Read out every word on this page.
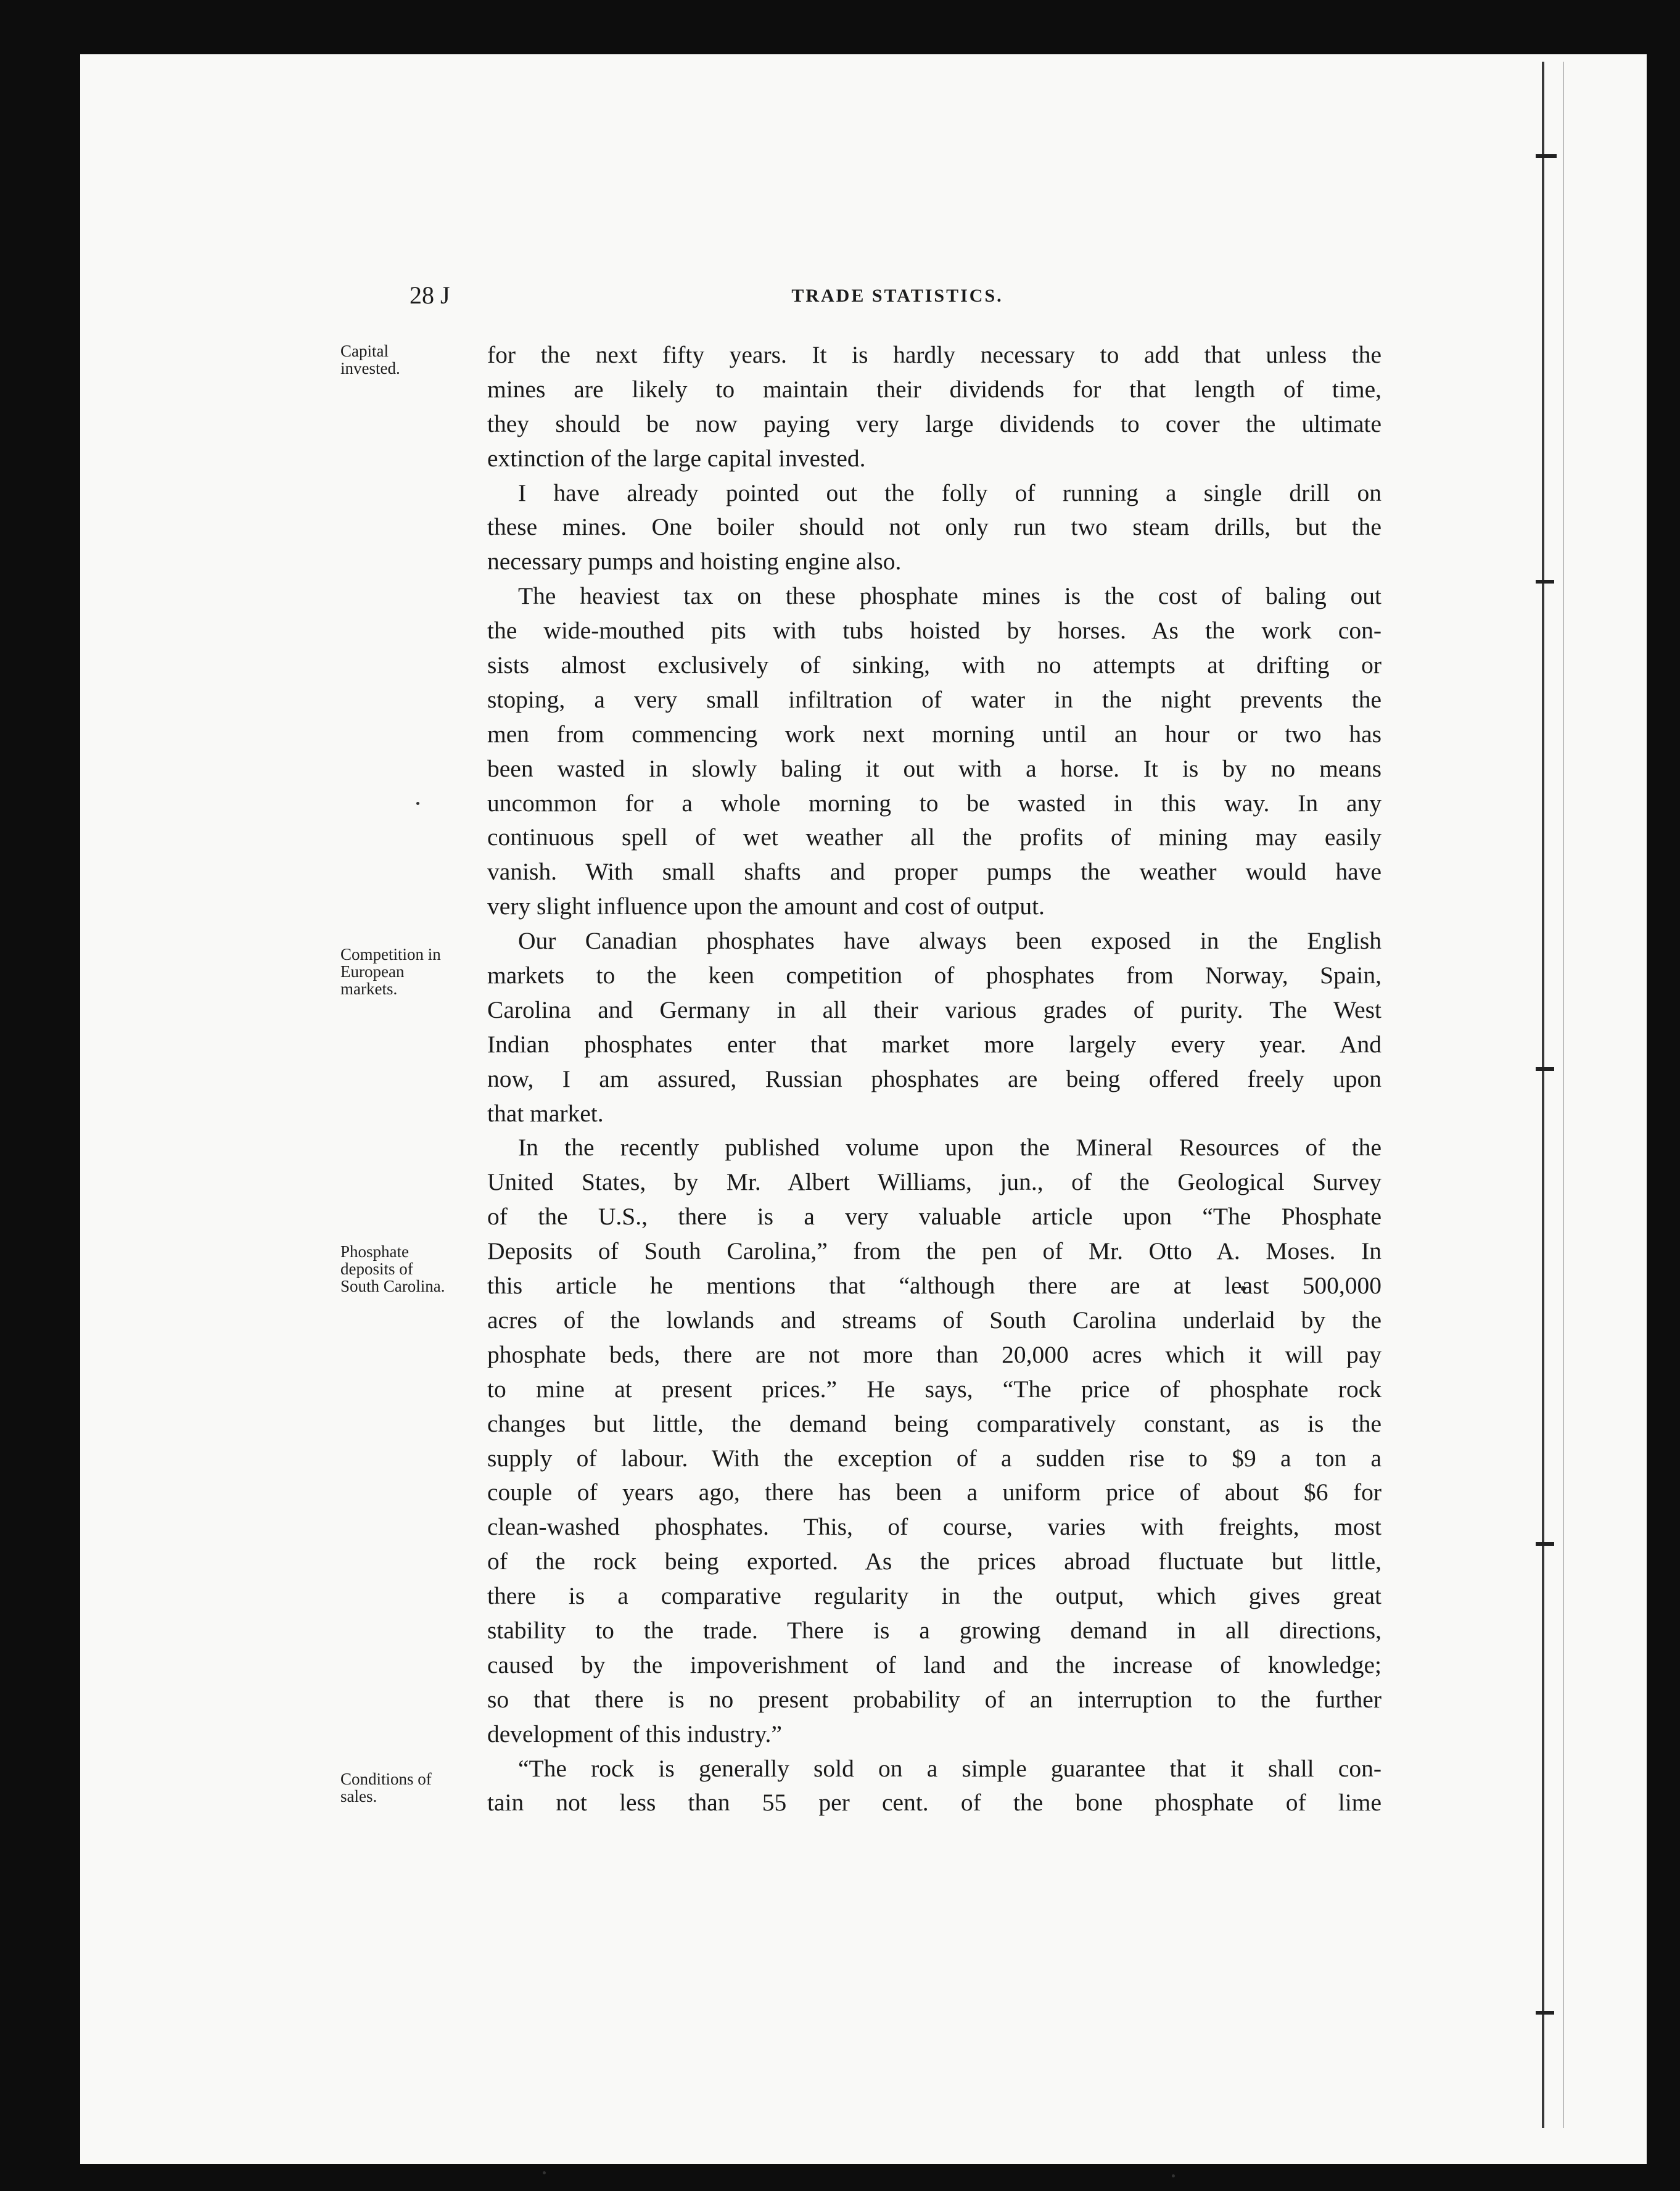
28 J	TRADE STATISTICS.
Capital
invested.
Competition in
European
markets.
Phosphate
deposits of
South Carolina.
Conditions of
sales.
for the next fifty years. It is hardly necessary to add that unless the
mines are likely to maintain their dividends for that length of time,
they should be now paying very large dividends to cover the ultimate
extinction of the large capital invested.
I have already pointed out the folly of running a single drill on
these mines. One boiler should not only run two steam drills, but the
necessary pumps and hoisting engine also.
The heaviest tax on these phosphate mines is the cost of baling out
the wide-mouthed pits with tubs hoisted by horses. As the work con-
sists almost exclusively of sinking, with no attempts at drifting or
stoping, a very small infiltration of water in the night prevents the
men from commencing work next morning until an hour or two has
been wasted in slowly baling it out with a horse. It is by no means
uncommon for a whole morning to be wasted in this way. In any
continuous spell of wet weather all the profits of mining may easily
vanish. With small shafts and proper pumps the weather would have
very slight influence upon the amount and cost of output.
Our Canadian phosphates have always been exposed in the English
markets to the keen competition of phosphates from Norway, Spain,
Carolina and Germany in all their various grades of purity. The West
Indian phosphates enter that market more largely every year. And
now, I am assured, Russian phosphates are being offered freely upon
that market.
In the recently published volume upon the Mineral Resources of the
United States, by Mr. Albert Williams, jun., of the Geological Survey
of the U.S., there is a very valuable article upon “The Phosphate
Deposits of South Carolina,” from the pen of Mr. Otto A. Moses. In
this article he mentions that “although there are at least 500,000
acres of the lowlands and streams of South Carolina underlaid by the
phosphate beds, there are not more than 20,000 acres which it will pay
to mine at present prices.” He says, “The price of phosphate rock
changes but little, the demand being comparatively constant, as is the
supply of labour. With the exception of a sudden rise to $9 a ton a
couple of years ago, there has been a uniform price of about $6 for
clean-washed phosphates. This, of course, varies with freights, most
of the rock being exported. As the prices abroad fluctuate but little,
there is a comparative regularity in the output, which gives great
stability to the trade. There is a growing demand in all directions,
caused by the impoverishment of land and the increase of knowledge;
so that there is no present probability of an interruption to the further
development of this industry.”
“The rock is generally sold on a simple guarantee that it shall con-
tain not less than 55 per cent. of the bone phosphate of lime
